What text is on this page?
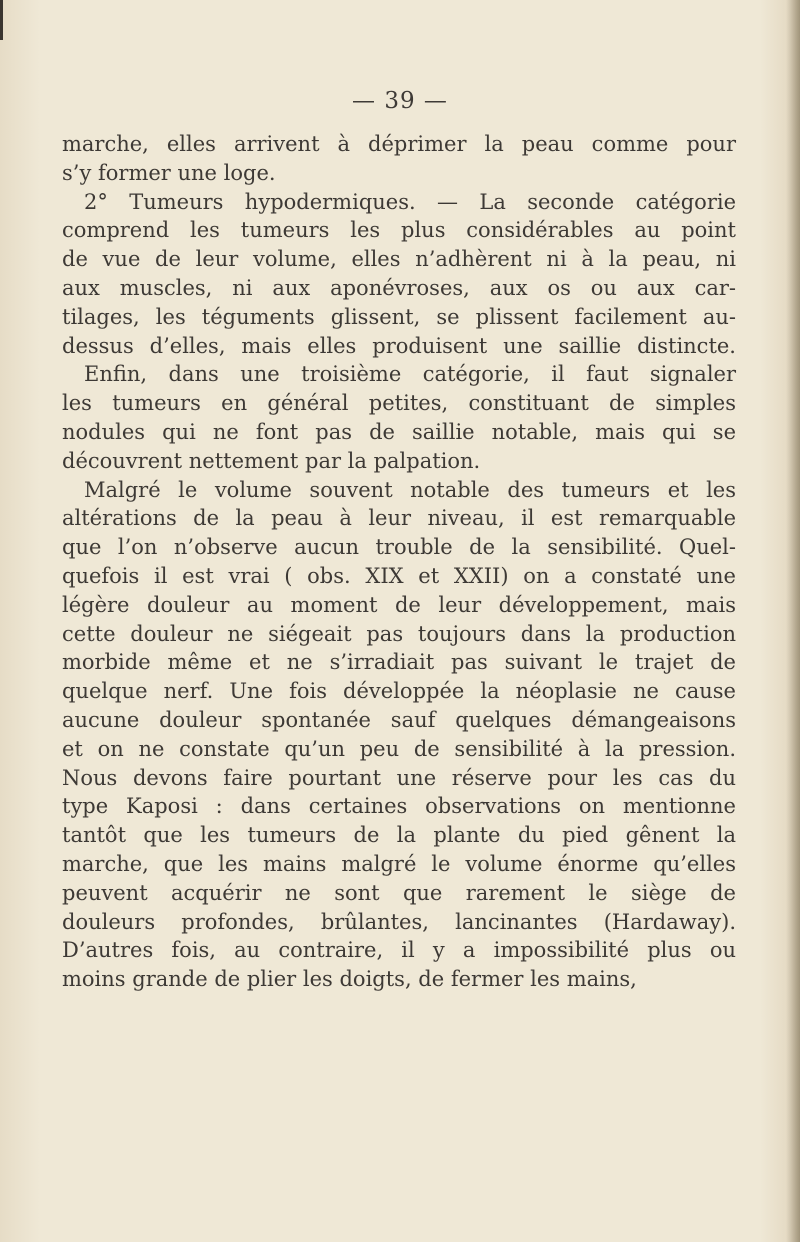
— 39 —
marche, elles arrivent à déprimer la peau comme pour
s’y former une loge.
2° Tumeurs hypodermiques. — La seconde catégorie
comprend les tumeurs les plus considérables au point
de vue de leur volume, elles n’adhèrent ni à la peau, ni
aux muscles, ni aux aponévroses, aux os ou aux car-
tilages, les téguments glissent, se plissent facilement au-
dessus d’elles, mais elles produisent une saillie distincte.
Enfin, dans une troisième catégorie, il faut signaler
les tumeurs en général petites, constituant de simples
nodules qui ne font pas de saillie notable, mais qui se
découvrent nettement par la palpation.
Malgré le volume souvent notable des tumeurs et les
altérations de la peau à leur niveau, il est remarquable
que l’on n’observe aucun trouble de la sensibilité. Quel-
quefois il est vrai ( obs. XIX et XXII) on a constaté une
légère douleur au moment de leur développement, mais
cette douleur ne siégeait pas toujours dans la production
morbide même et ne s’irradiait pas suivant le trajet de
quelque nerf. Une fois développée la néoplasie ne cause
aucune douleur spontanée sauf quelques démangeaisons
et on ne constate qu’un peu de sensibilité à la pression.
Nous devons faire pourtant une réserve pour les cas du
type Kaposi : dans certaines observations on mentionne
tantôt que les tumeurs de la plante du pied gênent la
marche, que les mains malgré le volume énorme qu’elles
peuvent acquérir ne sont que rarement le siège de
douleurs profondes, brûlantes, lancinantes (Hardaway).
D’autres fois, au contraire, il y a impossibilité plus ou
moins grande de plier les doigts, de fermer les mains,
